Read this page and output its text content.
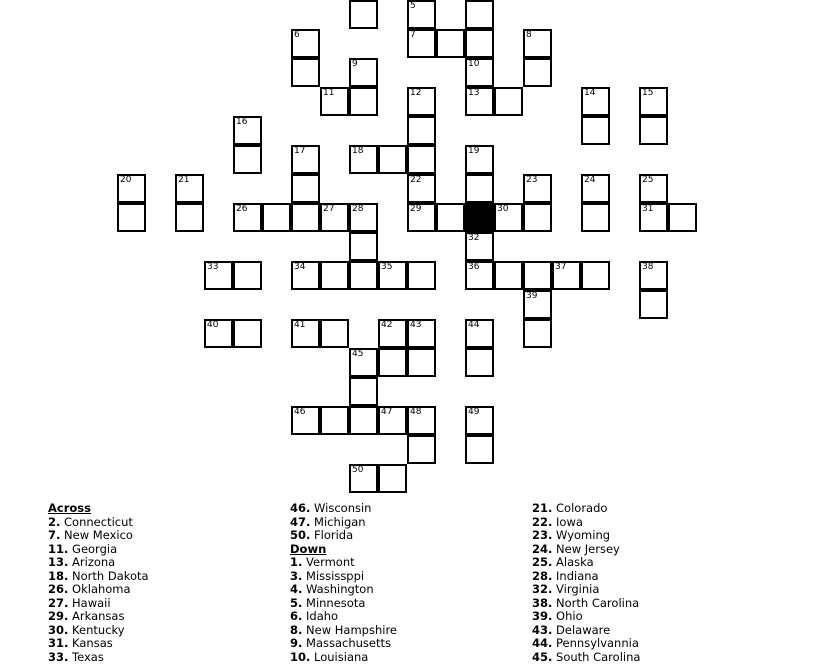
5
6	7	8
9	10
11	12	13	14	15
16
17	18	19
20	21	22	23	24	25
26	27 28	29	30	31
32
33	34	35	36	37	38
39
40	41	42 43	44
45
46	47 48	49
50
Across
2. Connecticut
7. New Mexico
11. Georgia
13. Arizona
18. North Dakota
26. Oklahoma
27. Hawaii
29. Arkansas
30. Kentucky
31. Kansas
33. Texas
46. Wisconsin
47. Michigan
50. Florida
Down
1. Vermont
3. Mississppi
4. Washington
5. Minnesota
6. Idaho
8. New Hampshire
9. Massachusetts
10. Louisiana
21. Colorado
22. Iowa
23. Wyoming
24. New Jersey
25. Alaska
28. Indiana
32. Virginia
38. North Carolina
39. Ohio
43. Delaware
44. Pennsylvannia
45. South Carolina
